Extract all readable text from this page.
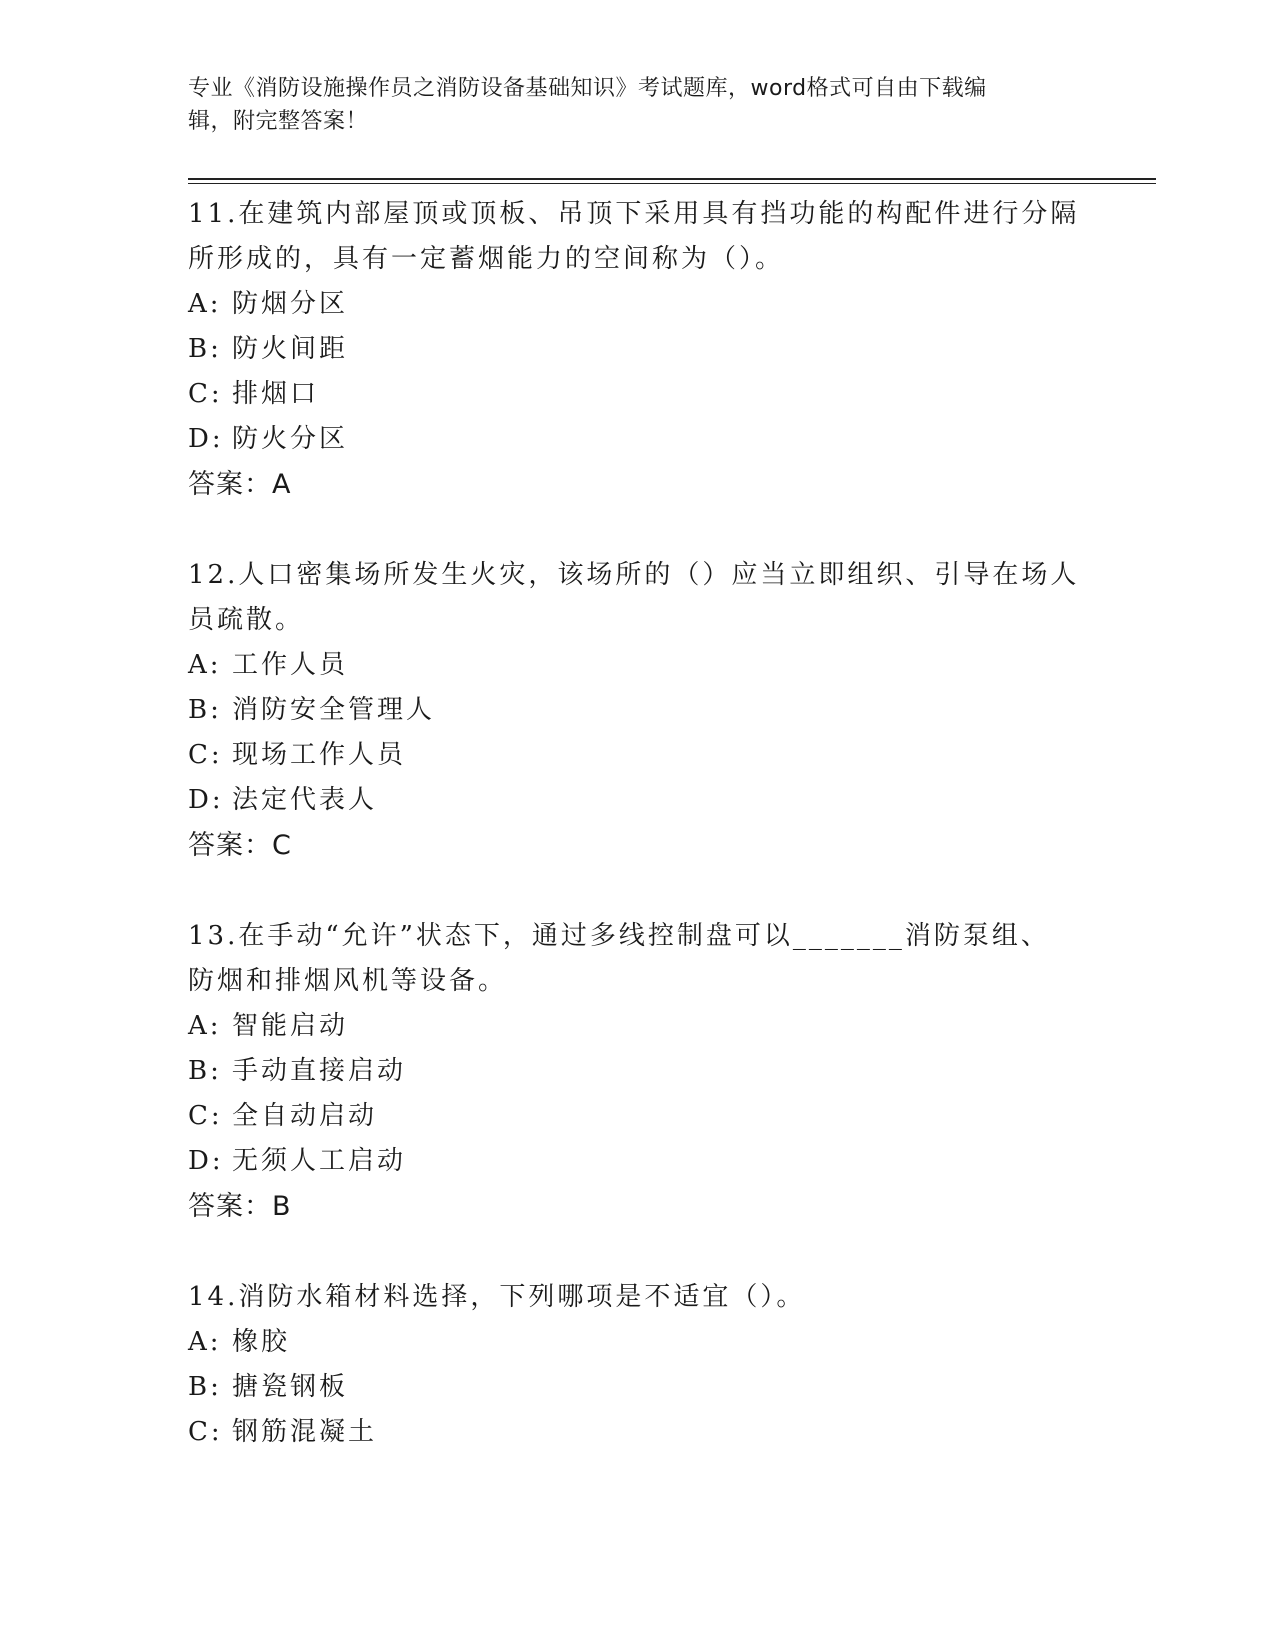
专业《消防设施操作员之消防设备基础知识》考试题库，word格式可自由下载编
辑，附完整答案！
11.在建筑内部屋顶或顶板、吊顶下采用具有挡功能的构配件进行分隔
所形成的，具有一定蓄烟能力的空间称为（）。
A: 防烟分区
B: 防火间距
C: 排烟口
D: 防火分区
答案：A
12.人口密集场所发生火灾，该场所的（）应当立即组织、引导在场人
员疏散。
A: 工作人员
B: 消防安全管理人
C: 现场工作人员
D: 法定代表人
答案：C
13.在手动“允许”状态下，通过多线控制盘可以_______消防泵组、
防烟和排烟风机等设备。
A: 智能启动
B: 手动直接启动
C: 全自动启动
D: 无须人工启动
答案：B
14.消防水箱材料选择，下列哪项是不适宜（）。
A: 橡胶
B: 搪瓷钢板
C: 钢筋混凝土
